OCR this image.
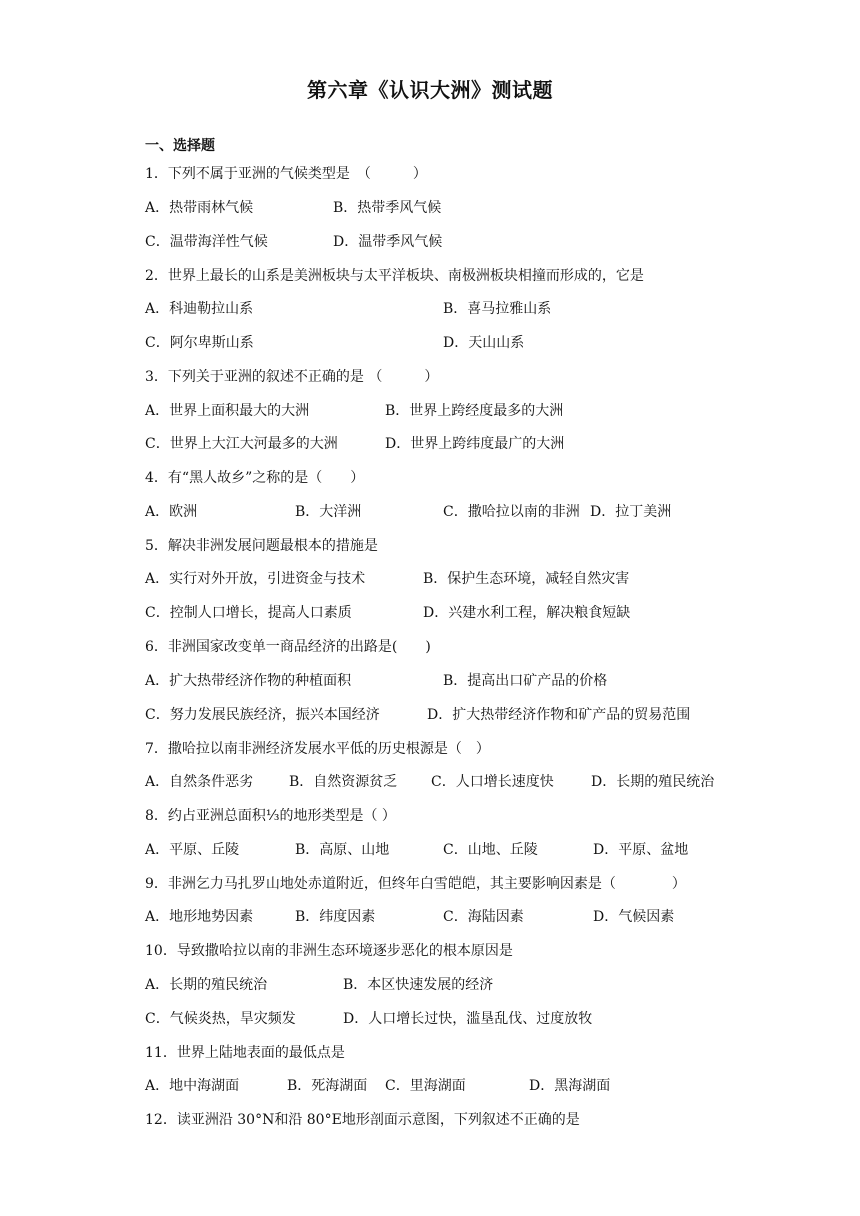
第六章《认识大洲》测试题
一、选择题
1．下列不属于亚洲的气候类型是　（　　　）
A．热带雨林气候	B．热带季风气候
C．温带海洋性气候	D．温带季风气候
2．世界上最长的山系是美洲板块与太平洋板块、南极洲板块相撞而形成的，它是
A．科迪勒拉山系	B．喜马拉雅山系
C．阿尔卑斯山系	D．天山山系
3．下列关于亚洲的叙述不正确的是 （　　　）
A．世界上面积最大的大洲	B．世界上跨经度最多的大洲
C．世界上大江大河最多的大洲	D．世界上跨纬度最广的大洲
4．有“黑人故乡”之称的是（　　）
A．欧洲	B．大洋洲	C．撒哈拉以南的非洲 D．拉丁美洲
5．解决非洲发展问题最根本的措施是
A．实行对外开放，引进资金与技术	B．保护生态环境，减轻自然灾害
C．控制人口增长，提高人口素质	D．兴建水利工程，解决粮食短缺
6．非洲国家改变单一商品经济的出路是(　　)
A．扩大热带经济作物的种植面积	B．提高出口矿产品的价格
C．努力发展民族经济，振兴本国经济	D．扩大热带经济作物和矿产品的贸易范围
7．撒哈拉以南非洲经济发展水平低的历史根源是（　）
A．自然条件恶劣	B．自然资源贫乏 C．人口增长速度快	D．长期的殖民统治
8．约占亚洲总面积⅓的地形类型是（ ）
A．平原、丘陵	B．高原、山地	C．山地、丘陵	D．平原、盆地
9．非洲乞力马扎罗山地处赤道附近，但终年白雪皑皑，其主要影响因素是（　　　　）
A．地形地势因素	B．纬度因素	C．海陆因素	D．气候因素
10．导致撒哈拉以南的非洲生态环境逐步恶化的根本原因是
A．长期的殖民统治	B．本区快速发展的经济
C．气候炎热，旱灾频发	D．人口增长过快，滥垦乱伐、过度放牧
11．世界上陆地表面的最低点是
A．地中海湖面	B．死海湖面 C．里海湖面	D．黑海湖面
12．读亚洲沿 30°N和沿 80°E地形剖面示意图，下列叙述不正确的是
